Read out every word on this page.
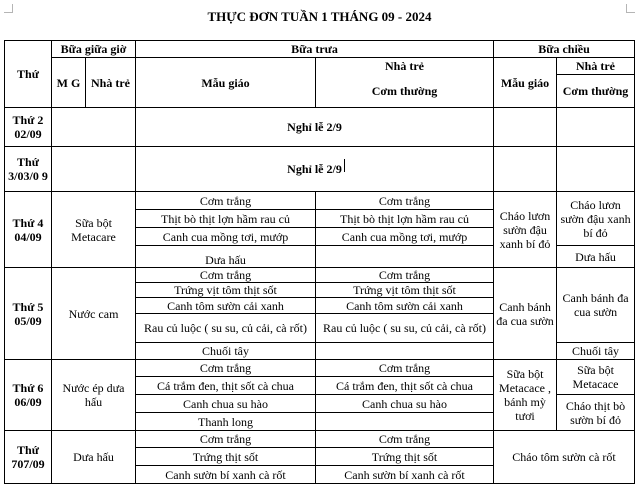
THỰC ĐƠN TUẦN 1 THÁNG 09 - 2024
Thứ	Bữa giữa giờ		Bữa trưa		Bữa chiều	
	M G	Nhà trẻ	Mẫu giáo	Nhà trẻ	Mẫu giáo	Nhà trẻ
				Cơm thường		Cơm thường
Thứ 2 02/09			Nghỉ lễ 2/9			
Thứ 3/03/0 9			Nghỉ lễ 2/9			
Thứ 4 04/09	Sữa bột Metacare		Cơm trắng	Cơm trắng	Cháo lươn sườn đậu xanh bí đỏ	Cháo lươn sườn đậu xanh bí đỏ
			Thịt bò thịt lợn hầm rau củ	Thịt bò thịt lợn hầm rau củ		
			Canh cua mồng tơi, mướp	Canh cua mồng tơi, mướp		
			Dưa hấu			Dưa hấu
Thứ 5 05/09	Nước cam		Cơm trắng	Cơm trắng	Canh bánh đa cua sườn	Canh bánh đa cua sườn
			Trứng vịt tôm thịt sốt	Trứng vịt tôm thịt sốt		
			Canh tôm sườn cải xanh	Canh tôm sườn cải xanh		
			Rau củ luộc ( su su, củ cải, cà rốt)	Rau củ luộc ( su su, củ cải, cà rốt)		
			Chuối tây			Chuối tây
Thứ 6 06/09	Nước ép dưa hấu		Cơm trắng	Cơm trắng	Sữa bột Metacace , bánh mỳ tươi	Sữa bột Metacace
			Cá trắm đen, thịt sốt cà chua	Cá trắm đen, thịt sốt cà chua		
			Canh chua su hào	Canh chua su hào		Cháo thịt bò sườn bí đỏ
			Thanh long			
Thứ 707/09	Dưa hấu		Cơm trắng	Cơm trắng	Cháo tôm sườn cà rốt	
			Trứng thịt sốt	Trứng thịt sốt		
			Canh sườn bí xanh cà rốt	Canh sườn bí xanh cà rốt		
